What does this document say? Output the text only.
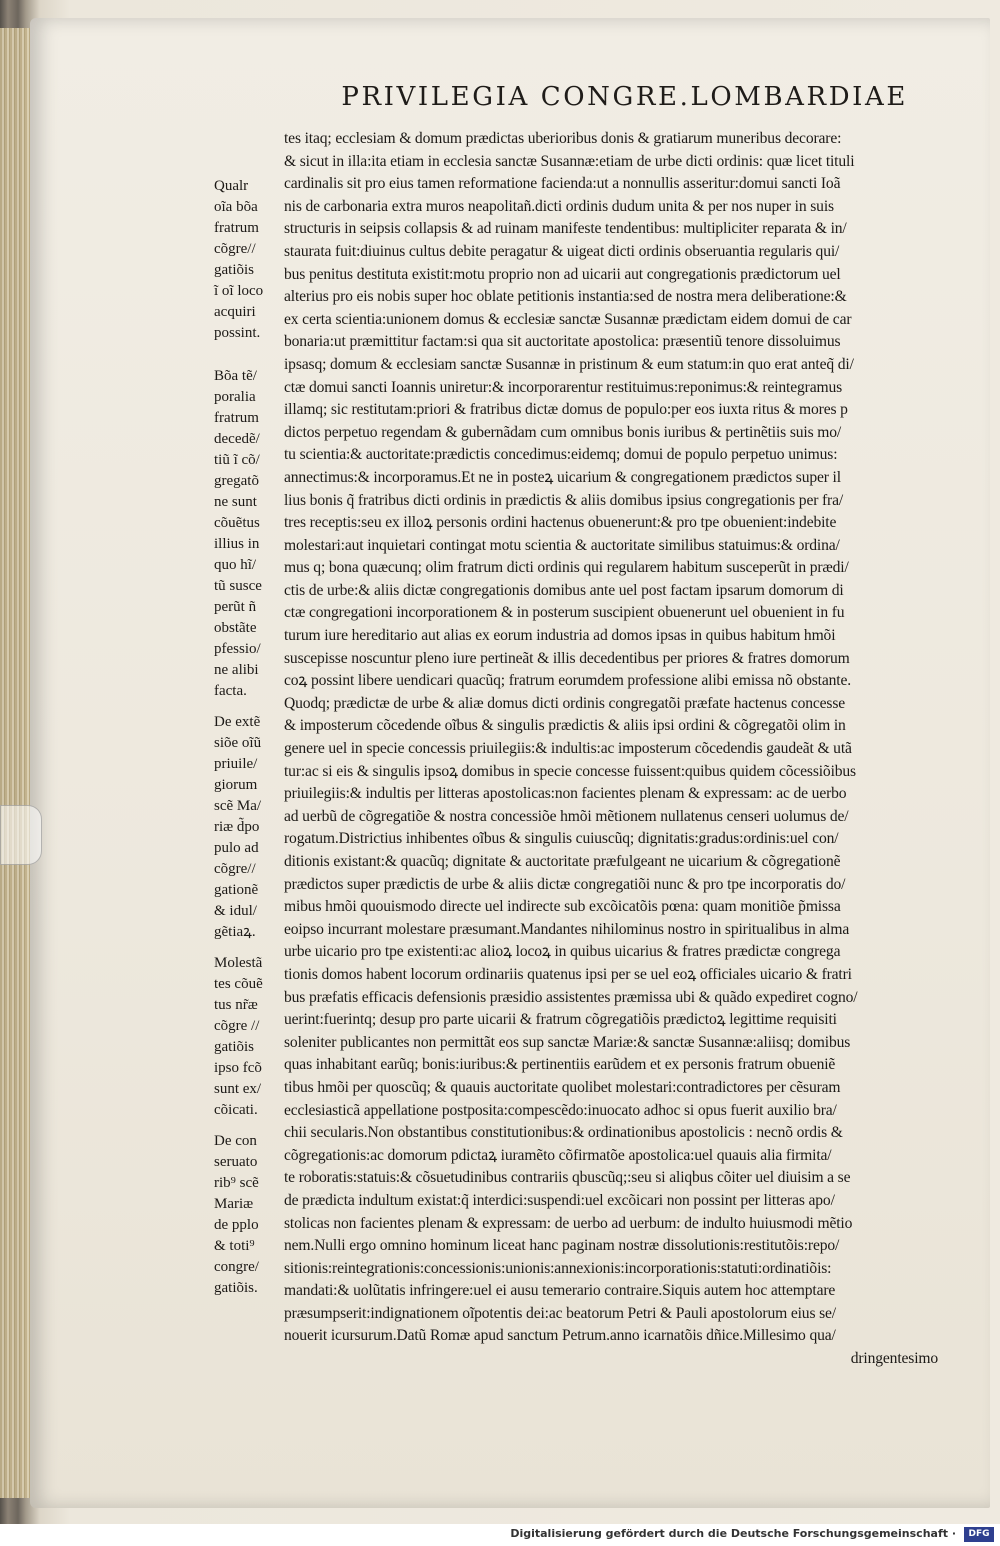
PRIVILEGIA CONGRE.LOMBARDIAE
Qualr
oĩa bõa
fratrum
cõgre//
gatiõis
ĩ oĩ loco
acquiri
possint.
Bõa tẽ/
poralia
fratrum
decedẽ/
tiũ ĩ cõ/
gregatõ
ne sunt
cõuẽtus
illius in
quo hĩ/
tũ susce
perũt ñ
obstãte
pfessio/
ne alibi
facta.
De extẽ
siõe oĩũ
priuile/
giorum
scẽ Ma/
riæ d̃po
pulo ad
cõgre//
gationẽ
& idul/
gẽtiaꝝ.
Molestã
tes cõuẽ
tus nr̃æ
cõgre //
gatiõis
ipso fcõ
sunt ex/
cõicati.
De con
seruato
rib⁹ scẽ
Mariæ
de pplo
& toti⁹
congre/
gatiõis.
tes itaq; ecclesiam & domum prædictas uberioribus donis & gratiarum muneribus decorare:
& sicut in illa:ita etiam in ecclesia sanctæ Susannæ:etiam de urbe dicti ordinis: quæ licet tituli
cardinalis sit pro eius tamen reformatione facienda:ut a nonnullis asseritur:domui sancti Ioã
nis de carbonaria extra muros neapolitañ.dicti ordinis dudum unita & per nos nuper in suis
structuris in seipsis collapsis & ad ruinam manifeste tendentibus: multipliciter reparata & in/
staurata fuit:diuinus cultus debite peragatur & uigeat dicti ordinis obseruantia regularis qui/
bus penitus destituta existit:motu proprio non ad uicarii aut congregationis prædictorum uel
alterius pro eis nobis super hoc oblate petitionis instantia:sed de nostra mera deliberatione:&
ex certa scientia:unionem domus & ecclesiæ sanctæ Susannæ prædictam eidem domui de car
bonaria:ut præmittitur factam:si qua sit auctoritate apostolica: præsentiũ tenore dissoluimus
ipsasq; domum & ecclesiam sanctæ Susannæ in pristinum & eum statum:in quo erat anteq̃ di/
ctæ domui sancti Ioannis uniretur:& incorporarentur restituimus:reponimus:& reintegramus
illamq; sic restitutam:priori & fratribus dictæ domus de populo:per eos iuxta ritus & mores p
dictos perpetuo regendam & gubernãdam cum omnibus bonis iuribus & pertinẽtiis suis mo/
tu scientia:& auctoritate:prædictis concedimus:eidemq; domui de populo perpetuo unimus:
annectimus:& incorporamus.Et ne in posteꝝ uicarium & congregationem prædictos super il
lius bonis q̃ fratribus dicti ordinis in prædictis & aliis domibus ipsius congregationis per fra/
tres receptis:seu ex illoꝝ personis ordini hactenus obuenerunt:& pro tpe obuenient:indebite
molestari:aut inquietari contingat motu scientia & auctoritate similibus statuimus:& ordina/
mus q; bona quæcunq; olim fratrum dicti ordinis qui regularem habitum susceperũt in prædi/
ctis de urbe:& aliis dictæ congregationis domibus ante uel post factam ipsarum domorum di
ctæ congregationi incorporationem & in posterum suscipient obuenerunt uel obuenient in fu
turum iure hereditario aut alias ex eorum industria ad domos ipsas in quibus habitum hmõi
suscepisse noscuntur pleno iure pertineãt & illis decedentibus per priores & fratres domorum
coꝝ possint libere uendicari quacũq; fratrum eorumdem professione alibi emissa nõ obstante.
Quodq; prædictæ de urbe & aliæ domus dicti ordinis congregatõi præfate hactenus concesse
& imposterum cõcedende oĩbus & singulis prædictis & aliis ipsi ordini & cõgregatõi olim in
genere uel in specie concessis priuilegiis:& indultis:ac imposterum cõcedendis gaudeãt & utã
tur:ac si eis & singulis ipsoꝝ domibus in specie concesse fuissent:quibus quidem cõcessiõibus
priuilegiis:& indultis per litteras apostolicas:non facientes plenam & expressam: ac de uerbo
ad uerbũ de cõgregatiõe & nostra concessiõe hmõi mẽtionem nullatenus censeri uolumus de/
rogatum.Districtius inhibentes oĩbus & singulis cuiuscũq; dignitatis:gradus:ordinis:uel con/
ditionis existant:& quacũq; dignitate & auctoritate præfulgeant ne uicarium & cõgregationẽ
prædictos super prædictis de urbe & aliis dictæ congregatiõi nunc & pro tpe incorporatis do/
mibus hmõi quouismodo directe uel indirecte sub excõicatõis pœna: quam monitiõe p̃missa
eoipso incurrant molestare præsumant.Mandantes nihilominus nostro in spiritualibus in alma
urbe uicario pro tpe existenti:ac alioꝝ locoꝝ in quibus uicarius & fratres prædictæ congrega
tionis domos habent locorum ordinariis quatenus ipsi per se uel eoꝝ officiales uicario & fratri
bus præfatis efficacis defensionis præsidio assistentes præmissa ubi & quãdo expediret cogno/
uerint:fuerintq; desup pro parte uicarii & fratrum cõgregatiõis prædictoꝝ legittime requisiti
soleniter publicantes non permittãt eos sup sanctæ Mariæ:& sanctæ Susannæ:aliisq; domibus
quas inhabitant earũq; bonis:iuribus:& pertinentiis earũdem et ex personis fratrum obueniẽ
tibus hmõi per quoscũq; & quauis auctoritate quolibet molestari:contradictores per cẽsuram
ecclesiasticã appellatione postposita:compescẽdo:inuocato adhoc si opus fuerit auxilio bra/
chii secularis.Non obstantibus constitutionibus:& ordinationibus apostolicis : necnõ ordis &
cõgregationis:ac domorum pdictaꝝ iuramẽto cõfirmatõe apostolica:uel quauis alia firmita/
te roboratis:statuis:& cõsuetudinibus contrariis qbuscũq;:seu si aliqbus cõiter uel diuisim a se
de prædicta indultum existat:q̃ interdici:suspendi:uel excõicari non possint per litteras apo/
stolicas non facientes plenam & expressam: de uerbo ad uerbum: de indulto huiusmodi mẽtio
nem.Nulli ergo omnino hominum liceat hanc paginam nostræ dissolutionis:restitutõis:repo/
sitionis:reintegrationis:concessionis:unionis:annexionis:incorporationis:statuti:ordinatiõis:
mandati:& uolũtatis infringere:uel ei ausu temerario contraire.Siquis autem hoc attemptare
præsumpserit:indignationem oĩpotentis dei:ac beatorum Petri & Pauli apostolorum eius se/
nouerit icursurum.Datũ Romæ apud sanctum Petrum.anno icarnatõis dñice.Millesimo qua/
dringentesimo
Digitalisierung gefördert durch die Deutsche Forschungsgemeinschaft ·	DFG
